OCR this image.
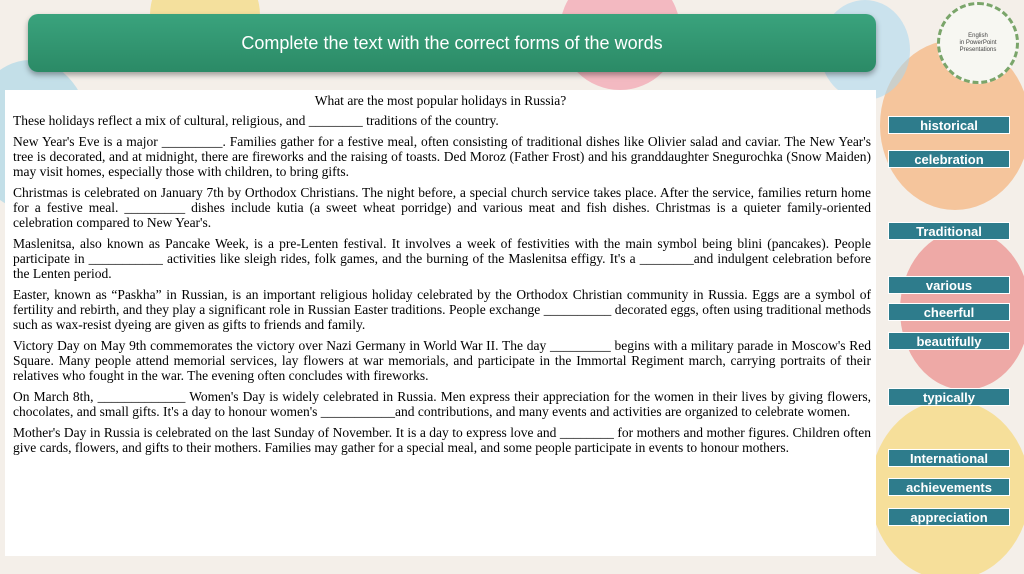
Complete the text with the correct forms of the words	English
in PowerPoint
Presentations
What are the most popular holidays in Russia?

These holidays reflect a mix of cultural, religious, and ________ traditions of the country.

New Year's Eve is a major _________. Families gather for a festive meal, often consisting of traditional dishes like Olivier salad and caviar. The New Year's tree is decorated, and at midnight, there are fireworks and the raising of toasts. Ded Moroz (Father Frost) and his granddaughter Snegurochka (Snow Maiden) may visit homes, especially those with children, to bring gifts.

Christmas is celebrated on January 7th by Orthodox Christians. The night before, a special church service takes place. After the service, families return home for a festive meal. _________ dishes include kutia (a sweet wheat porridge) and various meat and fish dishes. Christmas is a quieter family-oriented celebration compared to New Year's.

Maslenitsa, also known as Pancake Week, is a pre-Lenten festival. It involves a week of festivities with the main symbol being blini (pancakes). People participate in ___________ activities like sleigh rides, folk games, and the burning of the Maslenitsa effigy. It's a ________and indulgent celebration before the Lenten period.

Easter, known as “Paskha” in Russian, is an important religious holiday celebrated by the Orthodox Christian community in Russia. Eggs are a symbol of fertility and rebirth, and they play a significant role in Russian Easter traditions. People exchange __________ decorated eggs, often using traditional methods such as wax-resist dyeing are given as gifts to friends and family.

Victory Day on May 9th commemorates the victory over Nazi Germany in World War II. The day _________ begins with a military parade in Moscow's Red Square. Many people attend memorial services, lay flowers at war memorials, and participate in the Immortal Regiment march, carrying portraits of their relatives who fought in the war. The evening often concludes with fireworks.

On March 8th, _____________ Women's Day is widely celebrated in Russia. Men express their appreciation for the women in their lives by giving flowers, chocolates, and small gifts. It's a day to honour women's ___________and contributions, and many events and activities are organized to celebrate women.

Mother's Day in Russia is celebrated on the last Sunday of November. It is a day to express love and ________ for mothers and mother figures. Children often give cards, flowers, and gifts to their mothers. Families may gather for a special meal, and some people participate in events to honour mothers.

historical
celebration
Traditional
various
cheerful
beautifully
typically
International
achievements
appreciation
